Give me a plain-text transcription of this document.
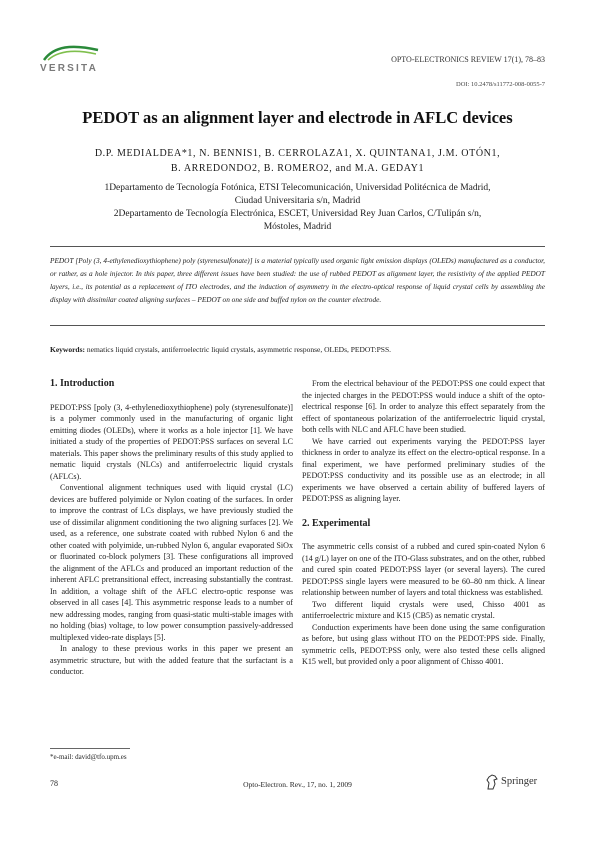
VERSITA
OPTO-ELECTRONICS REVIEW 17(1), 78–83
DOI: 10.2478/s11772-008-0055-7
PEDOT as an alignment layer and electrode in AFLC devices
D.P. MEDIALDEA*1, N. BENNIS1, B. CERROLAZA1, X. QUINTANA1, J.M. OTÓN1,
B. ARREDONDO2, B. ROMERO2, and M.A. GEDAY1
1Departamento de Tecnología Fotónica, ETSI Telecomunicación, Universidad Politécnica de Madrid,
Ciudad Universitaria s/n, Madrid
2Departamento de Tecnología Electrónica, ESCET, Universidad Rey Juan Carlos, C/Tulipán s/n,
Móstoles, Madrid
PEDOT [Poly (3, 4-ethylenedioxythiophene) poly (styrenesulfonate)] is a material typically used organic light emission displays (OLEDs) manufactured as a conductor, or rather, as a hole injector. In this paper, three different issues have been studied: the use of rubbed PEDOT as alignment layer, the resistivity of the applied PEDOT layers, i.e., its potential as a replacement of ITO electrodes, and the induction of asymmetry in the electro-optical response of liquid crystal cells by assembling the display with dissimilar coated aligning surfaces – PEDOT on one side and buffed nylon on the counter electrode.
Keywords: nematics liquid crystals, antiferroelectric liquid crystals, asymmetric response, OLEDs, PEDOT:PSS.
1. Introduction

PEDOT:PSS [poly (3, 4-ethylenedioxythiophene) poly (styrenesulfonate)] is a polymer commonly used in the manufacturing of organic light emitting diodes (OLEDs), where it works as a hole injector [1]. We have initiated a study of the properties of PEDOT:PSS surfaces on several LC materials. This paper shows the preliminary results of this study applied to nematic liquid crystals (NLCs) and antiferroelectric liquid crystals (AFLCs).

Conventional alignment techniques used with liquid crystal (LC) devices are buffered polyimide or Nylon coating of the surfaces. In order to improve the contrast of LCs displays, we have previously studied the use of dissimilar alignment conditioning the two aligning surfaces [2]. We used, as a reference, one substrate coated with rubbed Nylon 6 and the other coated with polyimide, un-rubbed Nylon 6, angular evaporated SiOx or fluorinated co-block polymers [3]. These configurations all improved the alignment of the AFLCs and produced an important reduction of the inherent AFLC pretransitional effect, increasing substantially the contrast. In addition, a voltage shift of the AFLC electro-optic response was observed in all cases [4]. This asymmetric response leads to a number of new addressing modes, ranging from quasi-static multi-stable images with no holding (bias) voltage, to low power consumption passively-addressed multiplexed video-rate displays [5].

In analogy to these previous works in this paper we present an asymmetric structure, but with the added feature that the surfactant is a conductor.

From the electrical behaviour of the PEDOT:PSS one could expect that the injected charges in the PEDOT:PSS would induce a shift of the opto-electrical response [6]. In order to analyze this effect separately from the effect of spontaneous polarization of the antiferroelectric liquid crystal, both cells with NLC and AFLC have been studied.

We have carried out experiments varying the PEDOT:PSS layer thickness in order to analyze its effect on the electro-optical response. In a final experiment, we have performed preliminary studies of the PEDOT:PSS conductivity and its possible use as an electrode; in all experiments we have observed a certain ability of buffered layers of PEDOT:PSS as aligning layer.

2. Experimental

The asymmetric cells consist of a rubbed and cured spin-coated Nylon 6 (14 g/L) layer on one of the ITO-Glass substrates, and on the other, rubbed and cured spin coated PEDOT:PSS layer (or several layers). The cured PEDOT:PSS single layers were measured to be 60–80 nm thick. A linear relationship between number of layers and total thickness was established.

Two different liquid crystals were used, Chisso 4001 as antiferroelectric mixture and K15 (CB5) as nematic crystal.

Conduction experiments have been done using the same configuration as before, but using glass without ITO on the PEDOT:PPS side. Finally, symmetric cells, PEDOT:PSS only, were also tested these cells aligned K15 well, but provided only a poor alignment of Chisso 4001.

*e-mail: david@tfo.upm.es
78	Opto-Electron. Rev., 17, no. 1, 2009	Springer
